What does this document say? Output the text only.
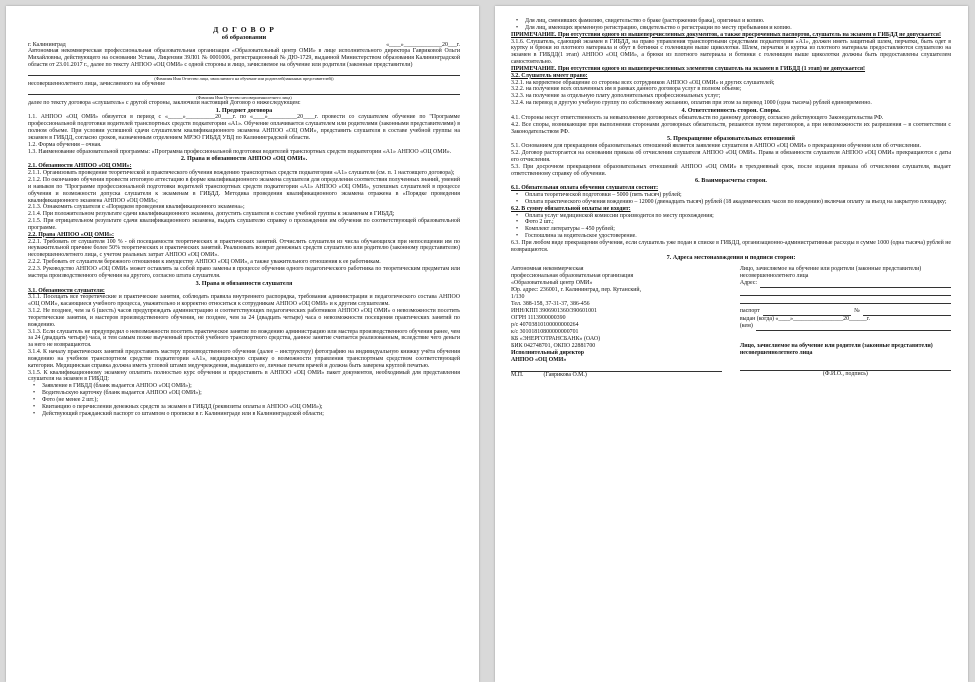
Д О Г О В О Р
об образовании
г. Калининград	«____»_____________20___г.

Автономная некоммерческая профессиональная образовательная организация «Образовательный центр ОМИ» в лице исполнительного директора Гавриковой Ольги Михайловны, действующего на основании Устава, Лицензии 39Л01 № 0001006, регистрационный № ДЮ-1729, выданной Министерством образования Калининградской области от 23.01.2017 г., далее по тексту АНПОО «ОЦ ОМИ» с одной стороны и лицо, зачисляемое на обучение или родители (законные представители)

(Фамилия Имя Отчество лица, зачисляемого на обучение или родителей(законных представителей))

несовершеннолетнего лица, зачисляемого на обучение

(Фамилия Имя Отчество несовершеннолетнего лица)

далее по тексту договора «слушатель» с другой стороны, заключили настоящий Договор о нижеследующем:

1. Предмет договора

1.1. АНПОО «ОЦ ОМИ» обязуется в период с «_____»__________20____г. по «____»__________20____г. провести со слушателем обучение по "Программе профессиональной подготовки водителей транспортных средств подкатегории «А1». Обучение оплачивается слушателем или родителями (законными представителями) в полном объеме. При условии успешной сдачи слушателем квалификационного экзамена АНПОО «ОЦ ОМИ», представить слушателя в составе учебной группы на экзамен в ГИБДД, согласно сроков, назначенным отделением МРЭО ГИБДД УВД по Калининградской области.

1.2. Форма обучения – очная.

1.3. Наименование образовательной программы: «Программа профессиональной подготовки водителей транспортных средств подкатегории «А1» АНПОО «ОЦ ОМИ».

2. Права и обязанности АНПОО «ОЦ ОМИ».

2.1. Обязанности АНПОО «ОЦ ОМИ»:

2.1.1. Организовать проведение теоретической и практического обучения вождению транспортных средств подкатегории «А1» слушателя (см. п. 1 настоящего договора);

2.1.2. По окончанию обучения провести итоговую аттестацию в форме квалификационного экзамена слушателя для определения соответствия полученных знаний, умений и навыков по "Программе профессиональной подготовки водителей транспортных средств подкатегории «А1» АНПОО «ОЦ ОМИ», успешных слушателей в процессе обучения и возможности допуска слушателя к экзаменам в ГИБДД. Методика проведения квалификационного экзамена отражена в «Порядке проведения квалификационного экзамена АНПОО «ОЦ ОМИ»;

2.1.3. Ознакомить слушателя с «Порядком проведения квалификационного экзамена»;

2.1.4. При положительном результате сдачи квалификационного экзамена, допустить слушателя в составе учебной группы к экзаменам в ГИБДД;

2.1.5. При отрицательном результате сдачи квалификационного экзамена, выдать слушателю справку о прохождении им обучения по соответствующей образовательной программе.

2.2. Права АНПОО «ОЦ ОМИ»:

2.2.1. Требовать от слушателя 100 % - ой посещаемости теоретических и практических занятий. Отчислить слушателя из числа обучающихся при непосещении им по неуважительной причине более 50% теоретических и практических занятий. Реализовать возврат денежных средств слушателю или родителю (законному представителю) несовершеннолетнего лица, с учетом реальных затрат АНПОО «ОЦ ОМИ».

2.2.2. Требовать от слушателя бережного отношения к имуществу АНПОО «ОЦ ОМИ», а также уважительного отношения к ее работникам.

2.2.3. Руководство АНПОО «ОЦ ОМИ» может оставлять за собой право замены в процессе обучения одного педагогического работника по теоретическим предметам или мастера производственного обучения на другого, согласно штата слушателя.

3. Права и обязанности слушателя

3.1. Обязанности слушателя:

3.1.1. Посещать все теоретические и практические занятия, соблюдать правила внутреннего распорядка, требования администрации и педагогического состава АНПОО «ОЦ ОМИ», касающиеся учебного процесса, уважительно и корректно относиться к сотрудникам АНПОО «ОЦ ОМИ» и к другим слушателям.

3.1.2. Не позднее, чем за 6 (шесть) часов предупреждать администрацию и соответствующих педагогических работников АНПОО «ОЦ ОМИ» о невозможности посетить теоретические занятия, и мастеров производственного обучения, не позднее, чем за 24 (двадцать четыре) часа о невозможности посещения практических занятий по вождению.

3.1.3. Если слушатель не предупредил о невозможности посетить практическое занятие по вождению администрацию или мастера производственного обучения ранее, чем за 24 (двадцать четыре) часа, и тем самым позже выученный простой учебного транспортного средства, данное занятие считается реализованным, вследствие чего деньги за него не возвращаются.

3.1.4. К началу практических занятий предоставить мастеру производственного обучения (далее – инструктору) фотографию на индивидуальную книжку учёта обучения вождению на учебном транспортном средстве подкатегории «А1», медицинскую справку о возможности управления транспортным средством соответствующей категории. Медицинская справка должна иметь угловой штамп медучреждения, выдавшего ее, личные печати врачей и должна быть заверена круглой печатью.

3.1.5. К квалификационному экзамену оплатить полностью курс обучения и предоставить в АНПОО «ОЦ ОМИ» пакет документов, необходимый для представления слушателя на экзамен в ГИБДД:

• Заявление в ГИБДД (бланк выдается АНПОО «ОЦ ОМИ»);
• Водительскую карточку (бланк выдается АНПОО «ОЦ ОМИ»);
• Фото (не менее 2 шт.);
• Квитанцию о перечислении денежных средств за экзамен в ГИБДД (реквизиты оплаты в АНПОО «ОЦ ОМИ»);
• Действующий гражданский паспорт со штампом о прописке в г. Калининграде или в Калининградской области;
• Для лиц, сменивших фамилию, свидетельство о браке (расторжении брака), оригинал и копию.
• Для лиц, имеющих временную регистрацию, свидетельство о регистрации по месту пребывания и копию.

ПРИМЕЧАНИЕ. При отсутствии одного из вышеперечисленных документов, а также просроченных паспортов, слушатель на экзамен в ГИБДД не допускается!

3.1.6. Слушатель, сдающий экзамен в ГИБДД, на право управления транспортными средствами подкатегории «А1», должен иметь защитный шлем, перчатки, быть одет в куртку и брюки из плотного материала и обут в ботинки с голенищем выше щиколотки. Шлем, перчатки и куртка из плотного материала предоставляются слушателю на экзамен в ГИБДД(1 этап) АНПОО «ОЦ ОМИ», а брюки из плотного материала и ботинки с голенищем выше щиколотки должны быть предоставлены слушателем самостоятельно.

ПРИМЕЧАНИЕ. При отсутствии одного из вышеперечисленных элементов слушатель на экзамен в ГИБДД (1 этап) не допускается!

3.2. Слушатель имеет право:

3.2.1. на корректное обращение со стороны всех сотрудников АНПОО «ОЦ ОМИ» и других слушателей;

3.2.2. на получение всех оплаченных им в рамках данного договора услуг в полном объеме;

3.2.3. на получение за отдельную плату дополнительных профессиональных услуг;

3.2.4. на перевод в другую учебную группу по собственному желанию, оплатив при этом за перевод 1000 (одна тысяча) рублей единовременно.

4. Ответственность сторон. Споры.

4.1. Стороны несут ответственность за невыполнение договорных обязательств по данному договору, согласно действующего Законодательства РФ.

4.2. Все споры, возникающие при выполнении сторонами договорных обязательств, решаются путем переговоров, а при невозможности их разрешения – в соответствии с Законодательством РФ.

5. Прекращение образовательных отношений

5.1. Основанием для прекращения образовательных отношений является заявление слушателя в АНПОО «ОЦ ОМИ» о прекращении обучения или об отчислении.

5.2. Договор расторгается на основании приказа об отчислении слушателя АНПОО «ОЦ ОМИ». Права и обязанности слушателя АНПОО «ОЦ ОМИ» прекращаются с даты его отчисления.

5.3. При досрочном прекращении образовательных отношений АНПОО «ОЦ ОМИ» в трехдневный срок, после издания приказа об отчислении слушателя, выдает ответственному справку об обучении.

6. Взаиморасчеты сторон.

6.1. Обязательная оплата обучения слушателя состоит:

• Оплата теоретической подготовки – 5000 (пять тысяч) рублей;
• Оплата практического обучения вождению – 12000 (двенадцать тысяч) рублей (18 академических часов по вождению) включая оплату за въезд на закрытую площадку;

6.2. В сумму обязательной оплаты не входит:

• Оплата услуг медицинской комиссии производится по месту прохождения;
• Фото 2 шт.;
• Комплект литературы – 450 рублей;
• Госпошлина за водительское удостоверение.

6.3. При любом виде прекращения обучения, если слушатель уже подан в списке в ГИБДД, организационно-административные расходы в сумме 1000 (одна тысяча) рублей не возвращаются.

7. Адреса местонахождения и подписи сторон:
Автономная некоммерческая
профессиональная образовательная организация
«Образовательный центр ОМИ»
Юр. адрес: 236001, г. Калининград, пер. Кутанский,
1/130
Тел. 388-158, 37-31-37, 386-456
ИНН/КПП 3906901360/390601001
ОГРН 1113900000390
р/с 40703810100000000264
к/с 30101810800000000701
КБ «ЭНЕРГОТРАНСБАНК» (ОАО)
БИК 042748701, ОКПО 22881700
Исполнительный директор
АНПОО «ОЦ ОМИ»
М.П.	(Гаврикова О.М.)
Лицо, зачисляемое на обучение или родители (законные представители) несовершеннолетнего лица
Адрес:
паспорт	№
выдан (когда) «____»_________________20______г.
(кем)
Лицо, зачисляемое на обучение или родители (законные представители) несовершеннолетнего лица
(Ф.И.О., подпись)
